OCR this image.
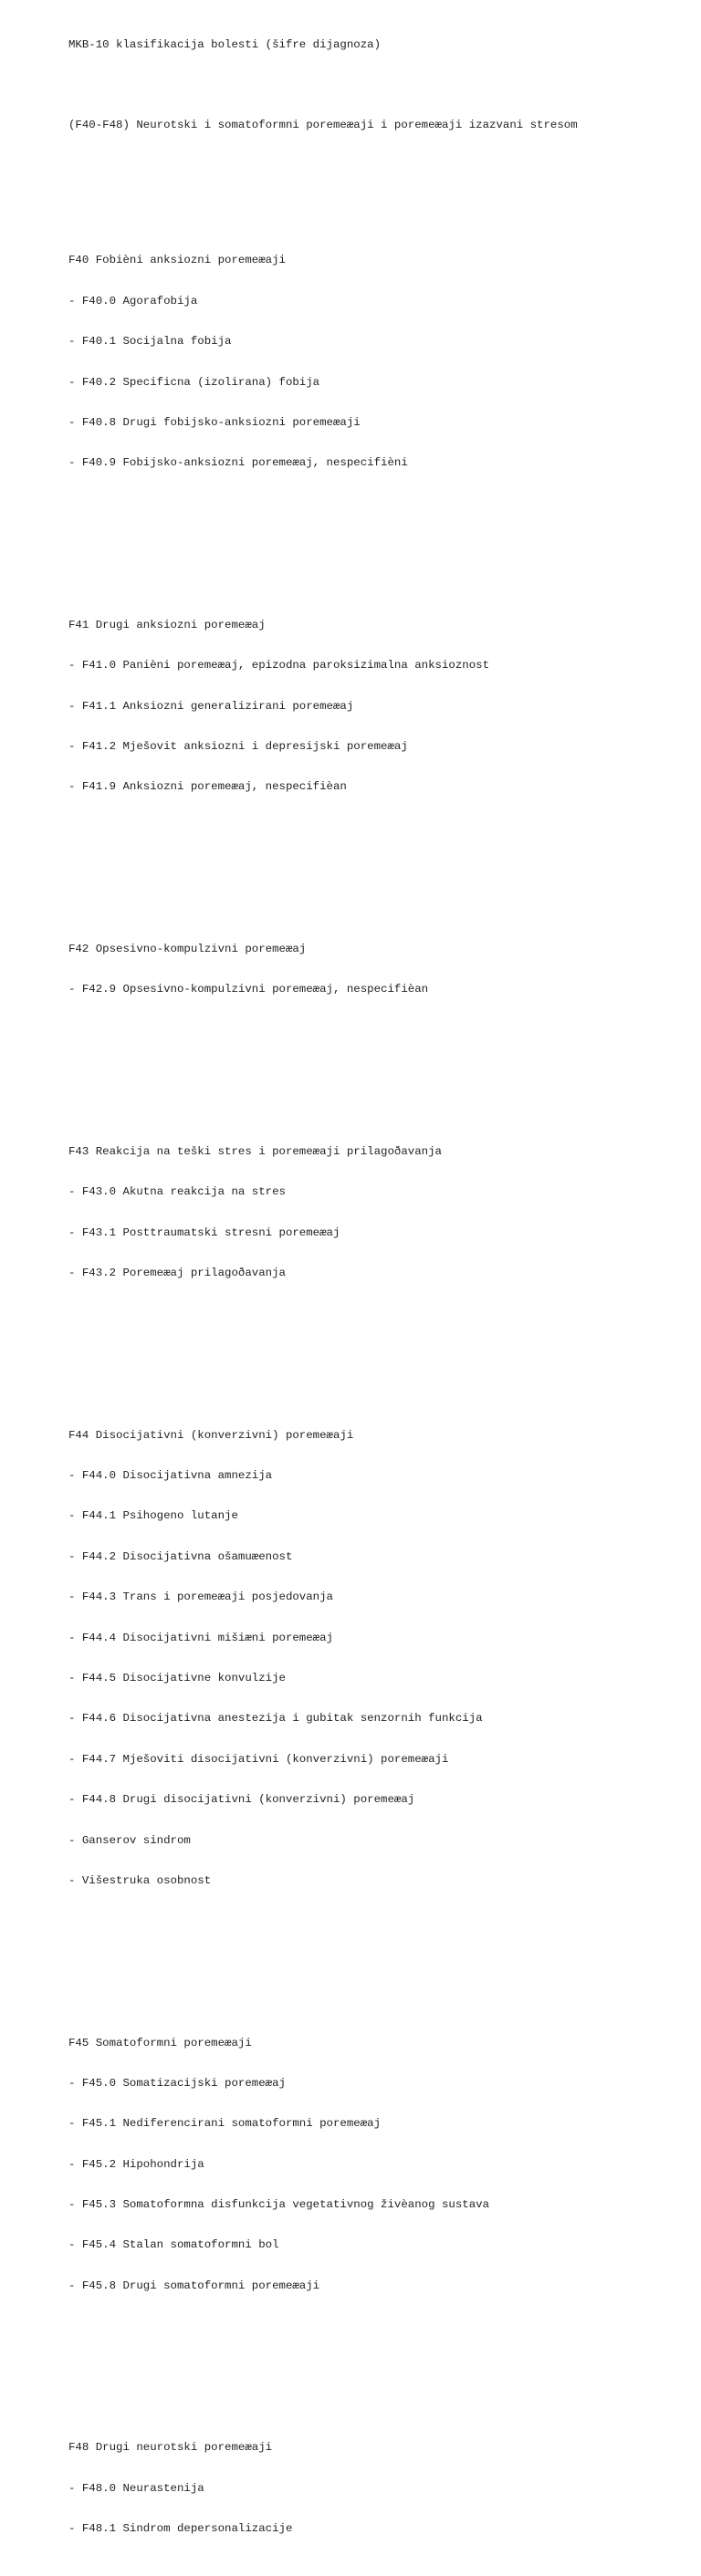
MKB-10 klasifikacija bolesti (šifre dijagnoza)

(F40-F48) Neurotski i somatoformni poremeæaji i poremeæaji izazvani stresom

F40 Fobièni anksiozni poremeæaji

- F40.0 Agorafobija

- F40.1 Socijalna fobija

- F40.2 Specificna (izolirana) fobija

- F40.8 Drugi fobijsko-anksiozni poremeæaji

- F40.9 Fobijsko-anksiozni poremeæaj, nespecifièni

F41 Drugi anksiozni poremeæaj

- F41.0 Panièni poremeæaj, epizodna paroksizimalna anksioznost

- F41.1 Anksiozni generalizirani poremeæaj

- F41.2 Mješovit anksiozni i depresijski poremeæaj

- F41.9 Anksiozni poremeæaj, nespecifièan

F42 Opsesivno-kompulzivni poremeæaj

- F42.9 Opsesivno-kompulzivni poremeæaj, nespecifièan

F43 Reakcija na teški stres i poremeæaji prilagoðavanja

- F43.0 Akutna reakcija na stres

- F43.1 Posttraumatski stresni poremeæaj

- F43.2 Poremeæaj prilagoðavanja

F44 Disocijativni (konverzivni) poremeæaji

- F44.0 Disocijativna amnezija

- F44.1 Psihogeno lutanje

- F44.2 Disocijativna ošamuæenost

- F44.3 Trans i poremeæaji posjedovanja

- F44.4 Disocijativni mišiæni poremeæaj

- F44.5 Disocijativne konvulzije

- F44.6 Disocijativna anestezija i gubitak senzornih funkcija

- F44.7 Mješoviti disocijativni (konverzivni) poremeæaji

- F44.8 Drugi disocijativni (konverzivni) poremeæaj

- Ganserov sindrom

- Višestruka osobnost

F45 Somatoformni poremeæaji

- F45.0 Somatizacijski poremeæaj

- F45.1 Nediferencirani somatoformni poremeæaj

- F45.2 Hipohondrija

- F45.3 Somatoformna disfunkcija vegetativnog živèanog sustava

- F45.4 Stalan somatoformni bol

- F45.8 Drugi somatoformni poremeæaji

F48 Drugi neurotski poremeæaji

- F48.0 Neurastenija

- F48.1 Sindrom depersonalizacije
